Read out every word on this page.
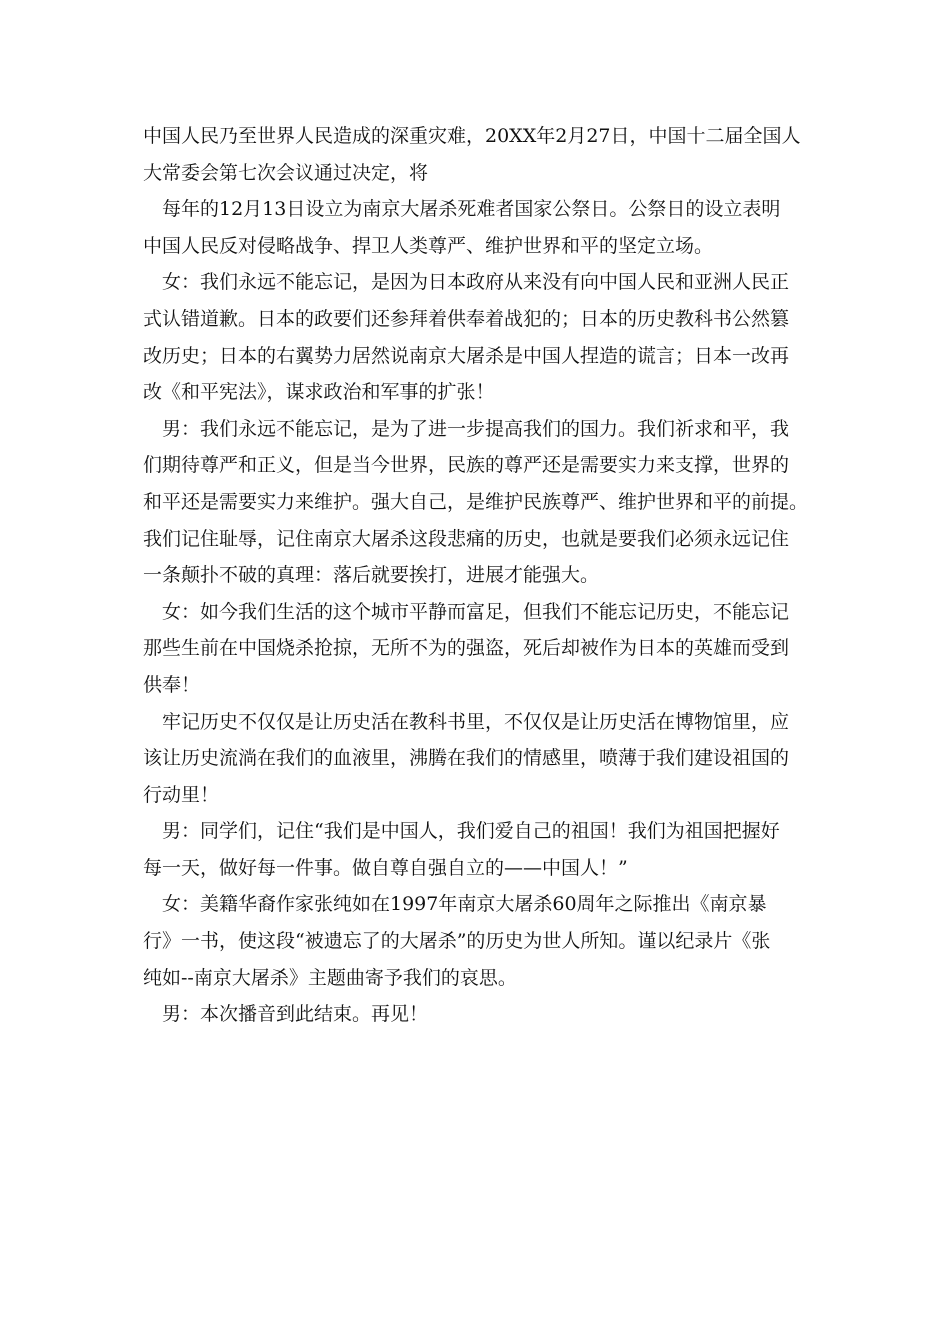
中国人民乃至世界人民造成的深重灾难，20XX年2月27日，中国十二届全国人
大常委会第七次会议通过决定，将

每年的12月13日设立为南京大屠杀死难者国家公祭日。公祭日的设立表明
中国人民反对侵略战争、捍卫人类尊严、维护世界和平的坚定立场。

女：我们永远不能忘记，是因为日本政府从来没有向中国人民和亚洲人民正
式认错道歉。日本的政要们还参拜着供奉着战犯的；日本的历史教科书公然篡
改历史；日本的右翼势力居然说南京大屠杀是中国人捏造的谎言；日本一改再
改《和平宪法》，谋求政治和军事的扩张！

男：我们永远不能忘记，是为了进一步提高我们的国力。我们祈求和平，我
们期待尊严和正义，但是当今世界，民族的尊严还是需要实力来支撑，世界的
和平还是需要实力来维护。强大自己，是维护民族尊严、维护世界和平的前提。
我们记住耻辱，记住南京大屠杀这段悲痛的历史，也就是要我们必须永远记住
一条颠扑不破的真理：落后就要挨打，进展才能强大。

女：如今我们生活的这个城市平静而富足，但我们不能忘记历史，不能忘记
那些生前在中国烧杀抢掠，无所不为的强盗，死后却被作为日本的英雄而受到
供奉！

牢记历史不仅仅是让历史活在教科书里，不仅仅是让历史活在博物馆里，应
该让历史流淌在我们的血液里，沸腾在我们的情感里，喷薄于我们建设祖国的
行动里！

男：同学们，记住“我们是中国人，我们爱自己的祖国！我们为祖国把握好
每一天，做好每一件事。做自尊自强自立的——中国人！”

女：美籍华裔作家张纯如在1997年南京大屠杀60周年之际推出《南京暴
行》一书，使这段“被遗忘了的大屠杀”的历史为世人所知。谨以纪录片《张
纯如--南京大屠杀》主题曲寄予我们的哀思。

男：本次播音到此结束。再见！
